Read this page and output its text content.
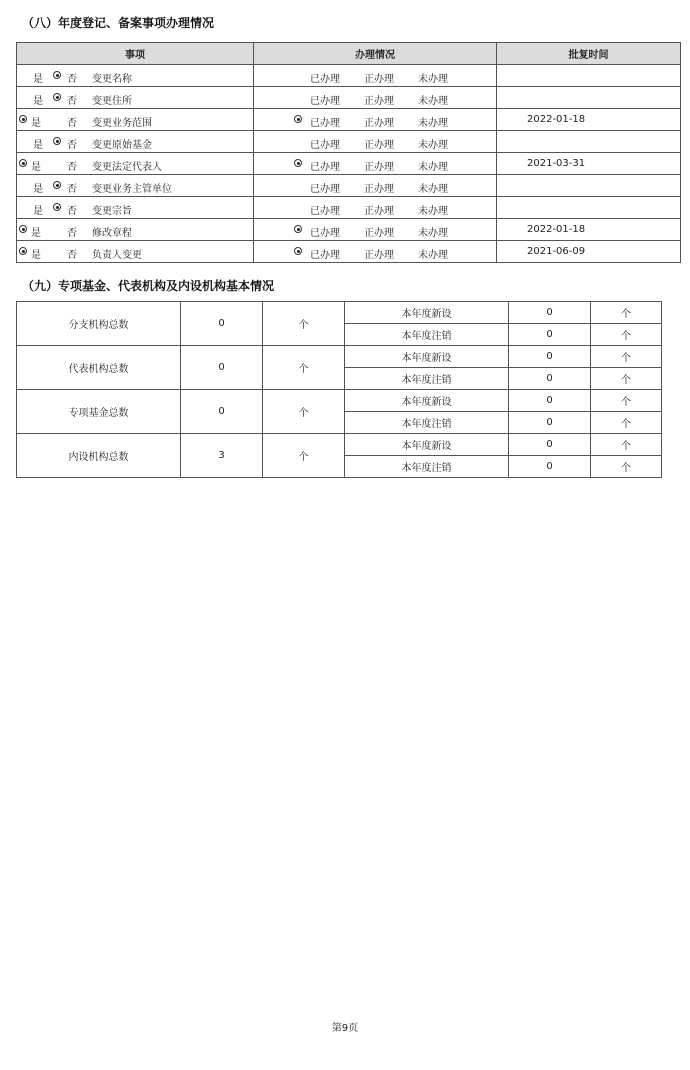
（八）年度登记、备案事项办理情况
事项	办理情况	批复时间

是 否 变更名称	已办理 正办理 未办理	

是 否 变更住所	已办理 正办理 未办理	

是 否 变更业务范围	已办理 正办理 未办理	2022-01-18

是 否 变更原始基金	已办理 正办理 未办理	

是 否 变更法定代表人	已办理 正办理 未办理	2021-03-31

是 否 变更业务主管单位	已办理 正办理 未办理	

是 否 变更宗旨	已办理 正办理 未办理	

是 否 修改章程	已办理 正办理 未办理	2022-01-18

是 否 负责人变更	已办理 正办理 未办理	2021-06-09
（九）专项基金、代表机构及内设机构基本情况
分支机构总数	0	个	本年度新设	0	个
			本年度注销	0	个
代表机构总数	0	个	本年度新设	0	个
			本年度注销	0	个
专项基金总数	0	个	本年度新设	0	个
			本年度注销	0	个
内设机构总数	3	个	本年度新设	0	个
			本年度注销	0	个
第9页
